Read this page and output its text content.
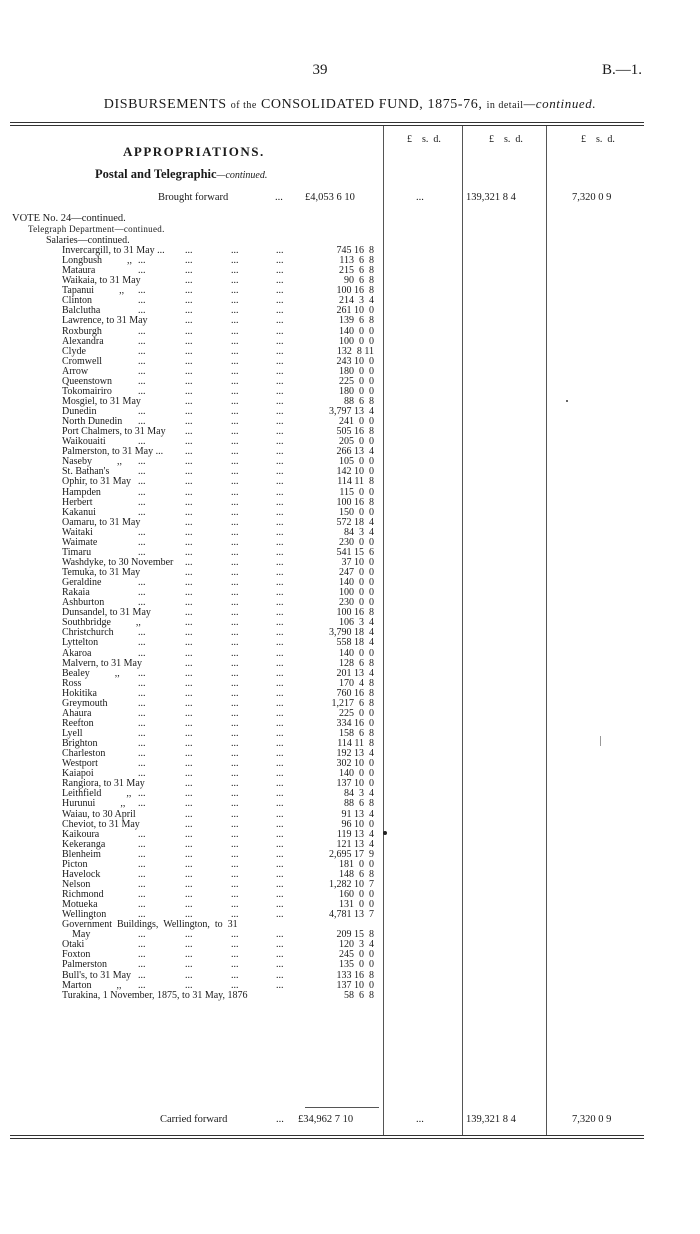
39	B.—1.
DISBURSEMENTS of the CONSOLIDATED FUND, 1875-76, in detail—continued.
£    s.  d.	£    s.  d.	£    s.  d.
APPROPRIATIONS.
Postal and Telegraphic—continued.
Brought forward	... £4,053 6 10	...	139,321 8 4	7,320 0 9
VOTE No. 24—continued.
Telegraph Department—continued.
Salaries—continued.
Invercargill, to 31 May ... ...	...	...	745 16  8
Longbush          ,, ...	...	...	...	113  6  8
Mataura	...	...	...	...	215  6  8
Waikaia, to 31 May	...	...	...	90  6  8
Tapanui          ,, ...	...	...	...	100 16  8
Clinton	...	...	...	...	214  3  4
Balclutha	...	...	...	...	261 10  0
Lawrence, to 31 May	...	...	...	139  6  8
Roxburgh	...	...	...	...	140  0  0
Alexandra	...	...	...	...	100  0  0
Clyde	...	...	...	...	132  8 11
Cromwell	...	...	...	...	243 10  0
Arrow	...	...	...	...	180  0  0
Queenstown	...	...	...	...	225  0  0
Tokomairiro	...	...	...	...	180  0  0
Mosgiel, to 31 May	...	...	...	88  6  8
Dunedin	...	...	...	...	3,797 13  4
North Dunedin ...	...	...	...	241  0  0
Port Chalmers, to 31 May ...	...	...	505 16  8
Waikouaiti	...	...	...	...	205  0  0
Palmerston, to 31 May ... ...	...	...	266 13  4
Naseby          ,, ...	...	...	...	105  0  0
St. Bathan's	...	...	...	...	142 10  0
Ophir, to 31 May ...	...	...	...	114 11  8
Hampden	...	...	...	...	115  0  0
Herbert	...	...	...	...	100 16  8
Kakanui	...	...	...	...	150  0  0
Oamaru, to 31 May	...	...	...	572 18  4
Waitaki	...	...	...	...	84  3  4
Waimate	...	...	...	...	230  0  0
Timaru	...	...	...	...	541 15  6
Washdyke, to 30 November ...	...	...	37 10  0
Temuka, to 31 May	...	...	...	247  0  0
Geraldine	...	...	...	...	140  0  0
Rakaia	...	...	...	...	100  0  0
Ashburton	...	...	...	...	230  0  0
Dunsandel, to 31 May	...	...	...	100 16  8
Southbridge          ,,	...	...	...	106  3  4
Christchurch ...	...	...	...	3,790 18  4
Lyttelton	...	...	...	...	558 18  4
Akaroa	...	...	...	...	140  0  0
Malvern, to 31 May	...	...	...	128  6  8
Bealey          ,, ...	...	...	...	201 13  4
Ross	...	...	...	...	170  4  8
Hokitika	...	...	...	...	760 16  8
Greymouth	...	...	...	...	1,217  6  8
Ahaura	...	...	...	...	225  0  0
Reefton	...	...	...	...	334 16  0
Lyell	...	...	...	...	158  6  8
Brighton	...	...	...	...	114 11  8
Charleston	...	...	...	...	192 13  4
Westport	...	...	...	...	302 10  0
Kaiapoi	...	...	...	...	140  0  0
Rangiora, to 31 May	...	...	...	137 10  0
Leithfield          ,, ...	...	...	...	84  3  4
Hurunui          ,, ...	...	...	...	88  6  8
Waiau, to 30 April	...	...	...	91 13  4
Cheviot, to 31 May	...	...	...	96 10  0
Kaikoura	...	...	...	...	119 13  4
Kekeranga	...	...	...	...	121 13  4
Blenheim	...	...	...	...	2,695 17  9
Picton	...	...	...	...	181  0  0
Havelock	...	...	...	...	148  6  8
Nelson	...	...	...	...	1,282 10  7
Richmond	...	...	...	...	160  0  0
Motueka	...	...	...	...	131  0  0
Wellington	...	...	...	...	4,781 13  7
Government  Buildings,  Wellington,  to  31
May	...	...	...	...	209 15  8
Otaki	...	...	...	...	120  3  4
Foxton	...	...	...	...	245  0  0
Palmerston	...	...	...	...	135  0  0
Bull's, to 31 May ...	...	...	...	133 16  8
Marton          ,, ...	...	...	...	137 10  0
Turakina, 1 November, 1875, to 31 May, 1876	58  6  8
Carried forward	... £34,962 7 10	...	139,321 8 4	7,320 0 9
